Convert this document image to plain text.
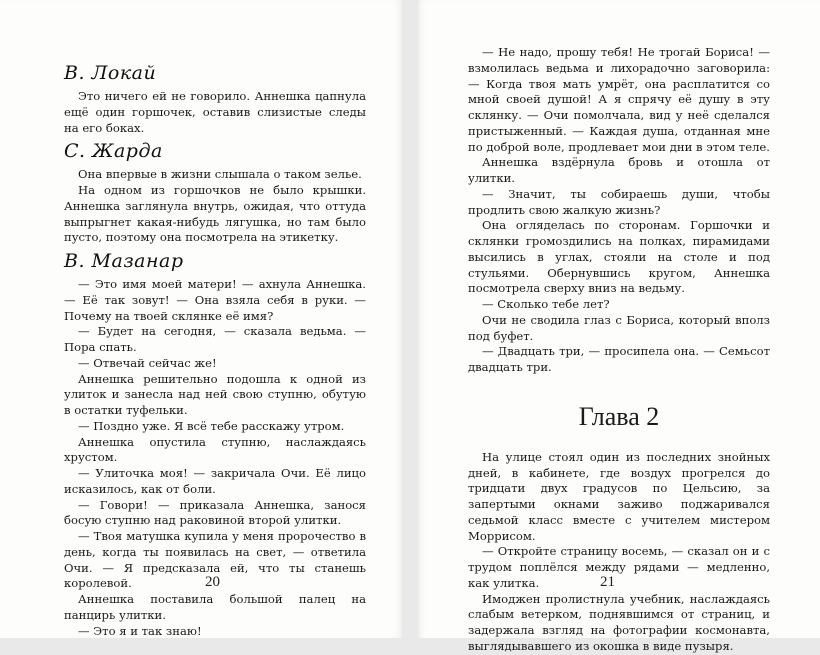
В. Локай

Это ничего ей не говорило. Аннешка цапнула ещё один горшочек, оставив слизистые следы на его боках.

С. Жарда

Она впервые в жизни слышала о таком зелье.

На одном из горшочков не было крышки. Аннешка заглянула внутрь, ожидая, что оттуда выпрыгнет какая-нибудь лягушка, но там было пусто, поэтому она посмотрела на этикетку.

В. Мазанар

— Это имя моей матери! — ахнула Аннешка. — Её так зовут! — Она взяла себя в руки. — Почему на твоей склянке её имя?

— Будет на сегодня, — сказала ведьма. — Пора спать.

— Отвечай сейчас же!

Аннешка решительно подошла к одной из улиток и занесла над ней свою ступню, обутую в остатки туфельки.

— Поздно уже. Я всё тебе расскажу утром.

Аннешка опустила ступню, наслаждаясь хрустом.

— Улиточка моя! — закричала Очи. Её лицо исказилось, как от боли.

— Говори! — приказала Аннешка, занося босую ступню над раковиной второй улитки.

— Твоя матушка купила у меня пророчество в день, когда ты появилась на свет, — ответила Очи. — Я предсказала ей, что ты станешь королевой.

Аннешка поставила большой палец на панцирь улитки.

— Это я и так знаю!

20

— Не надо, прошу тебя! Не трогай Бориса! — взмолилась ведьма и лихорадочно заговорила: — Когда твоя мать умрёт, она расплатится со мной своей душой! А я спрячу её душу в эту склянку. — Очи помолчала, вид у неё сделался пристыженный. — Каждая душа, отданная мне по доброй воле, продлевает мои дни в этом теле.

Аннешка вздёрнула бровь и отошла от улитки.

— Значит, ты собираешь души, чтобы продлить свою жалкую жизнь?

Она огляделась по сторонам. Горшочки и склянки громоздились на полках, пирамидами высились в углах, стояли на столе и под стульями. Обернувшись кругом, Аннешка посмотрела сверху вниз на ведьму.

— Сколько тебе лет?

Очи не сводила глаз с Бориса, который вполз под буфет.

— Двадцать три, — просипела она. — Семьсот двадцать три.

Глава 2

На улице стоял один из последних знойных дней, в кабинете, где воздух прогрелся до тридцати двух градусов по Цельсию, за запертыми окнами заживо поджаривался седьмой класс вместе с учителем мистером Моррисом.

— Откройте страницу восемь, — сказал он и с трудом поплёлся между рядами — медленно, как улитка.

Имоджен пролистнула учебник, наслаждаясь слабым ветерком, поднявшимся от страниц, и задержала взгляд на фотографии космонавта, выглядывавшего из окошка в виде пузыря.

21
